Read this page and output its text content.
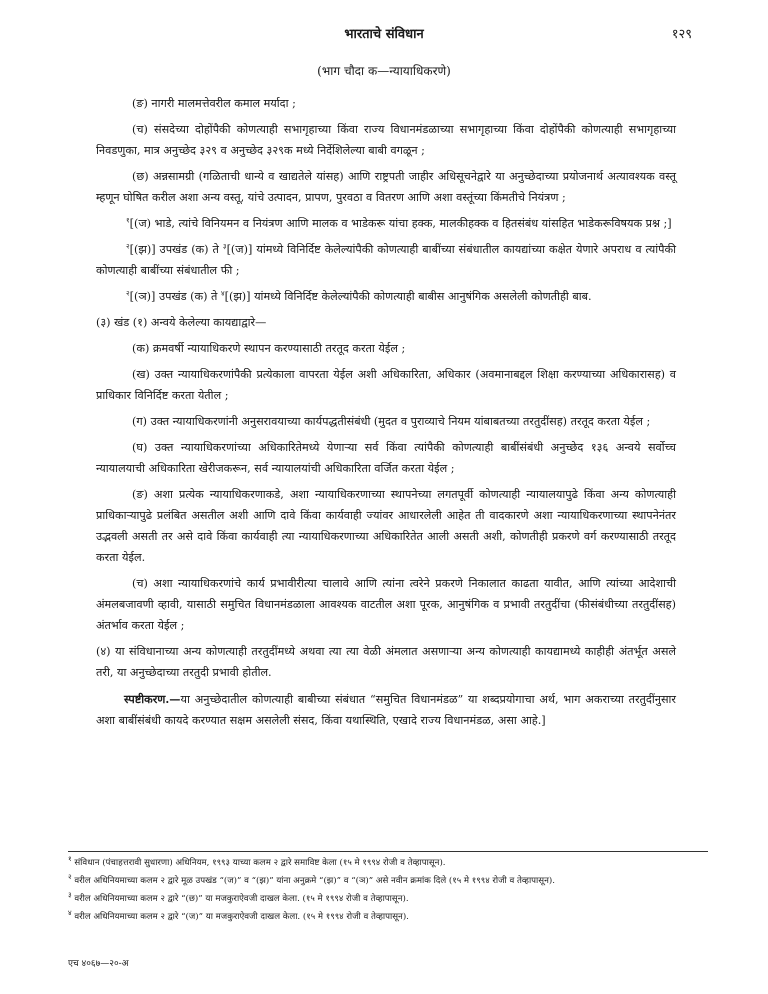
भारताचे संविधान	१२९
(भाग चौदा क—न्यायाधिकरणे)

(ङ) नागरी मालमत्तेवरील कमाल मर्यादा ;

(च) संसदेच्या दोहोंपैकी कोणत्याही सभागृहाच्या किंवा राज्य विधानमंडळाच्या सभागृहाच्या किंवा दोहोंपैकी कोणत्याही सभागृहाच्या निवडणुका, मात्र अनुच्छेद ३२९ व अनुच्छेद ३२९क मध्ये निर्देशिलेल्या बाबी वगळून ;

(छ) अन्नसामग्री (गळिताची धान्ये व खाद्यतेले यांसह) आणि राष्ट्रपती जाहीर अधिसूचनेद्वारे या अनुच्छेदाच्या प्रयोजनार्थ अत्यावश्यक वस्तू म्हणून घोषित करील अशा अन्य वस्तू, यांचे उत्पादन, प्रापण, पुरवठा व वितरण आणि अशा वस्तूंच्या किंमतीचे नियंत्रण ;

$^१$[(ज) भाडे, त्यांचे विनियमन व नियंत्रण आणि मालक व भाडेकरू यांचा हक्क, मालकीहक्क व हितसंबंध यांसहित भाडेकरूविषयक प्रश्न ;]

$^२$[(झ)] उपखंड (क) ते $^३$[(ज)] यांमध्ये विनिर्दिष्ट केलेल्यांपैकी कोणत्याही बाबींच्या संबंधातील कायद्यांच्या कक्षेत येणारे अपराध व त्यांपैकी कोणत्याही बाबींच्या संबंधातील फी ;

$^२$[(ञ)] उपखंड (क) ते $^४$[(झ)] यांमध्ये विनिर्दिष्ट केलेल्यांपैकी कोणत्याही बाबीस आनुषंगिक असलेली कोणतीही बाब.

(३) खंड (१) अन्वये केलेल्या कायद्याद्वारे—

(क) क्रमवर्षी न्यायाधिकरणे स्थापन करण्यासाठी तरतूद करता येईल ;

(ख) उक्त न्यायाधिकरणांपैकी प्रत्येकाला वापरता येईल अशी अधिकारिता, अधिकार (अवमानाबद्दल शिक्षा करण्याच्या अधिकारासह) व प्राधिकार विनिर्दिष्ट करता येतील ;

(ग) उक्त न्यायाधिकरणांनी अनुसरावयाच्या कार्यपद्धतीसंबंधी (मुदत व पुराव्याचे नियम यांबाबतच्या तरतुदींसह) तरतूद करता येईल ;

(घ) उक्त न्यायाधिकरणांच्या अधिकारितेमध्ये येणाऱ्या सर्व किंवा त्यांपैकी कोणत्याही बाबींसंबंधी अनुच्छेद १३६ अन्वये सर्वोच्च न्यायालयाची अधिकारिता खेरीजकरून, सर्व न्यायालयांची अधिकारिता वर्जित करता येईल ;

(ङ) अशा प्रत्येक न्यायाधिकरणाकडे, अशा न्यायाधिकरणाच्या स्थापनेच्या लगतपूर्वी कोणत्याही न्यायालयापुढे किंवा अन्य कोणत्याही प्राधिकाऱ्यापुढे प्रलंबित असतील अशी आणि दावे किंवा कार्यवाही ज्यांवर आधारलेली आहेत ती वादकारणे अशा न्यायाधिकरणाच्या स्थापनेनंतर उद्भवली असती तर असे दावे किंवा कार्यवाही त्या न्यायाधिकरणाच्या अधिकारितेत आली असती अशी, कोणतीही प्रकरणे वर्ग करण्यासाठी तरतूद करता येईल.

(च) अशा न्यायाधिकरणांचे कार्य प्रभावीरीत्या चालावे आणि त्यांना त्वरेने प्रकरणे निकालात काढता यावीत, आणि त्यांच्या आदेशाची अंमलबजावणी व्हावी, यासाठी समुचित विधानमंडळाला आवश्यक वाटतील अशा पूरक, आनुषंगिक व प्रभावी तरतुदींचा (फीसंबंधीच्या तरतुदींसह) अंतर्भाव करता येईल ;

(४) या संविधानाच्या अन्य कोणत्याही तरतुदींमध्ये अथवा त्या त्या वेळी अंमलात असणाऱ्या अन्य कोणत्याही कायद्यामध्ये काहीही अंतर्भूत असले तरी, या अनुच्छेदाच्या तरतुदी प्रभावी होतील.

स्पष्टीकरण.—या अनुच्छेदातील कोणत्याही बाबीच्या संबंधात “समुचित विधानमंडळ” या शब्दप्रयोगाचा अर्थ, भाग अकराच्या तरतुदींनुसार अशा बाबींसंबंधी कायदे करण्यात सक्षम असलेली संसद, किंवा यथास्थिति, एखादे राज्य विधानमंडळ, असा आहे.]

$^१$ संविधान (पंचाहत्तरावी सुधारणा) अधिनियम, १९९३ याच्या कलम २ द्वारे समाविष्ट केला (१५ मे १९९४ रोजी व तेव्हापासून).

$^२$ वरील अधिनियमाच्या कलम २ द्वारे मूळ उपखंड “(ज)” व “(झ)” यांना अनुक्रमे “(झ)” व “(ञ)” असे नवीन क्रमांक दिले (१५ मे १९९४ रोजी व तेव्हापासून).

$^३$ वरील अधिनियमाच्या कलम २ द्वारे “(छ)” या मजकुराऐवजी दाखल केला. (१५ मे १९९४ रोजी व तेव्हापासून).

$^४$ वरील अधिनियमाच्या कलम २ द्वारे “(ज)” या मजकुराऐवजी दाखल केला. (१५ मे १९९४ रोजी व तेव्हापासून).

एच ४०६७—२०-अ
